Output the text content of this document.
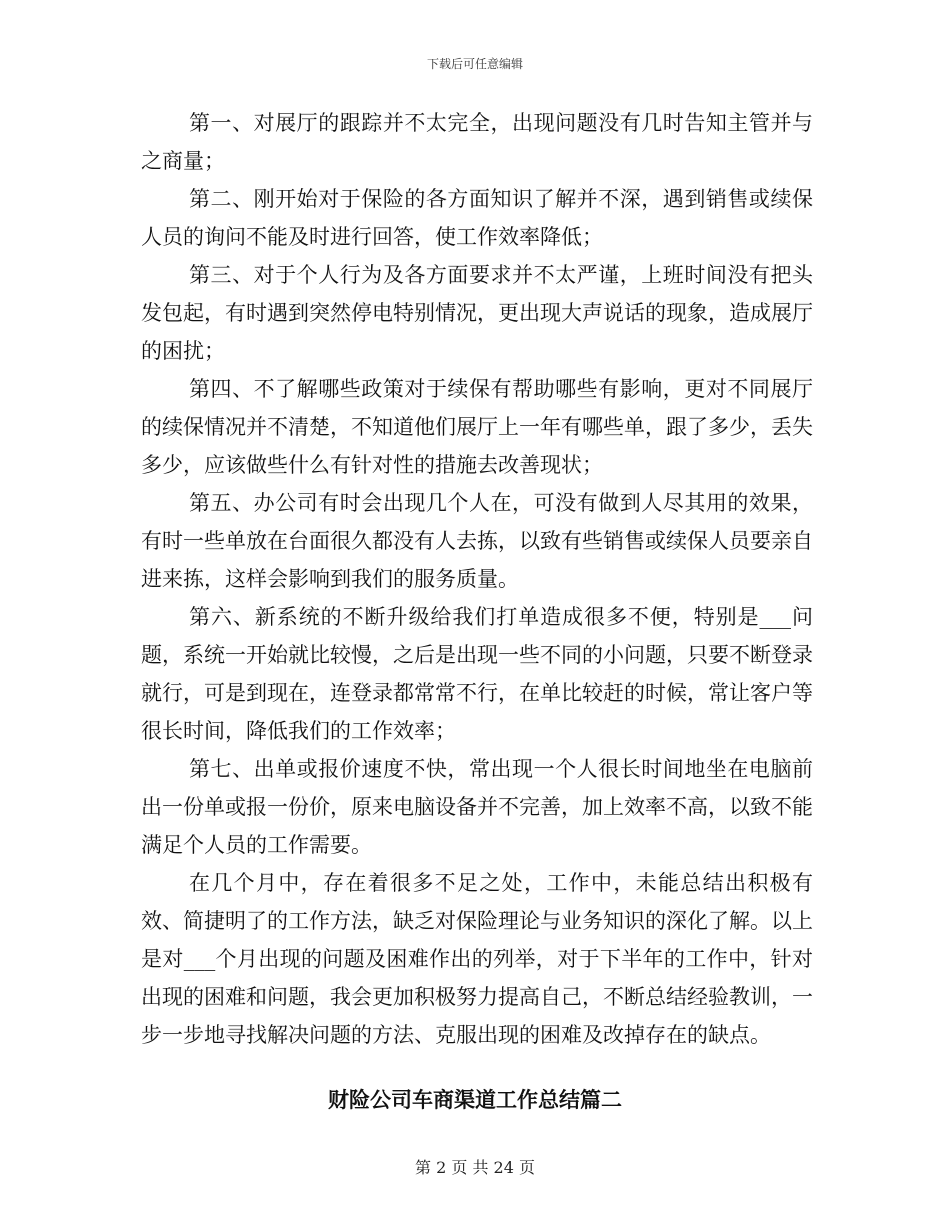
下载后可任意编辑

第一、对展厅的跟踪并不太完全，出现问题没有几时告知主管并与之商量；

第二、刚开始对于保险的各方面知识了解并不深，遇到销售或续保人员的询问不能及时进行回答，使工作效率降低；

第三、对于个人行为及各方面要求并不太严谨，上班时间没有把头发包起，有时遇到突然停电特别情况，更出现大声说话的现象，造成展厅的困扰；

第四、不了解哪些政策对于续保有帮助哪些有影响，更对不同展厅的续保情况并不清楚，不知道他们展厅上一年有哪些单，跟了多少，丢失多少，应该做些什么有针对性的措施去改善现状；

第五、办公司有时会出现几个人在，可没有做到人尽其用的效果，有时一些单放在台面很久都没有人去拣，以致有些销售或续保人员要亲自进来拣，这样会影响到我们的服务质量。

第六、新系统的不断升级给我们打单造成很多不便，特别是___问题，系统一开始就比较慢，之后是出现一些不同的小问题，只要不断登录就行，可是到现在，连登录都常常不行，在单比较赶的时候，常让客户等很长时间，降低我们的工作效率；

第七、出单或报价速度不快，常出现一个人很长时间地坐在电脑前出一份单或报一份价，原来电脑设备并不完善，加上效率不高，以致不能满足个人员的工作需要。

在几个月中，存在着很多不足之处，工作中，未能总结出积极有效、简捷明了的工作方法，缺乏对保险理论与业务知识的深化了解。以上是对___个月出现的问题及困难作出的列举，对于下半年的工作中，针对出现的困难和问题，我会更加积极努力提高自己，不断总结经验教训，一步一步地寻找解决问题的方法、克服出现的困难及改掉存在的缺点。

财险公司车商渠道工作总结篇二
第 2 页 共 24 页
